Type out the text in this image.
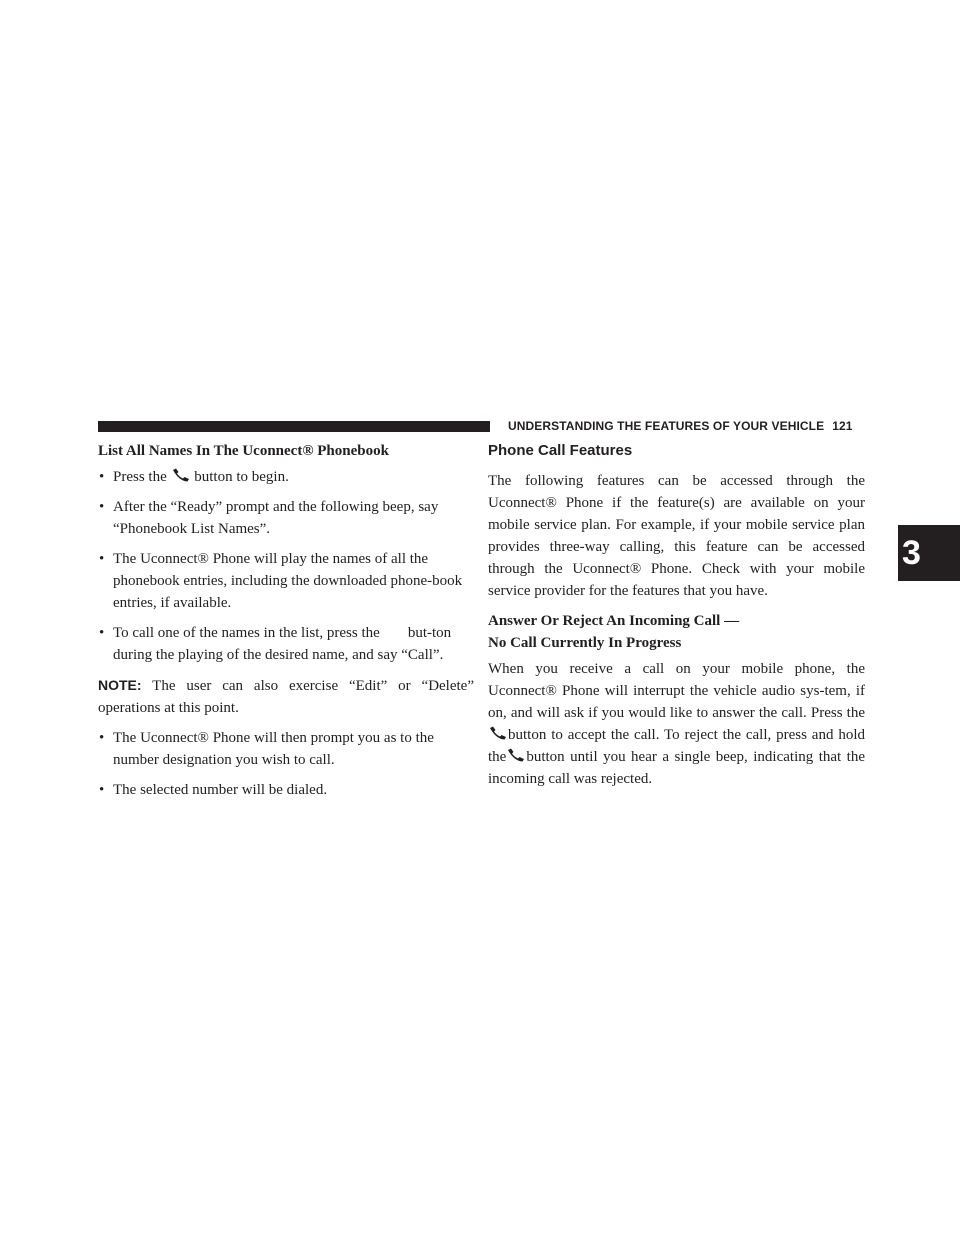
UNDERSTANDING THE FEATURES OF YOUR VEHICLE 121
3
List All Names In The Uconnect® Phonebook
• Press the button to begin.
• After the “Ready” prompt and the following beep, say “Phonebook List Names”.
• The Uconnect® Phone will play the names of all the phonebook entries, including the downloaded phone-book entries, if available.
• To call one of the names in the list, press the but-ton during the playing of the desired name, and say “Call”.

NOTE: The user can also exercise “Edit” or “Delete” operations at this point.

• The Uconnect® Phone will then prompt you as to the number designation you wish to call.
• The selected number will be dialed.
Phone Call Features

The following features can be accessed through the Uconnect® Phone if the feature(s) are available on your mobile service plan. For example, if your mobile service plan provides three-way calling, this feature can be accessed through the Uconnect® Phone. Check with your mobile service provider for the features that you have.

Answer Or Reject An Incoming Call —
No Call Currently In Progress

When you receive a call on your mobile phone, the Uconnect® Phone will interrupt the vehicle audio sys-tem, if on, and will ask if you would like to answer the call. Press thebutton to accept the call. To reject the call, press and hold the button until you hear a single beep, indicating that the incoming call was rejected.
